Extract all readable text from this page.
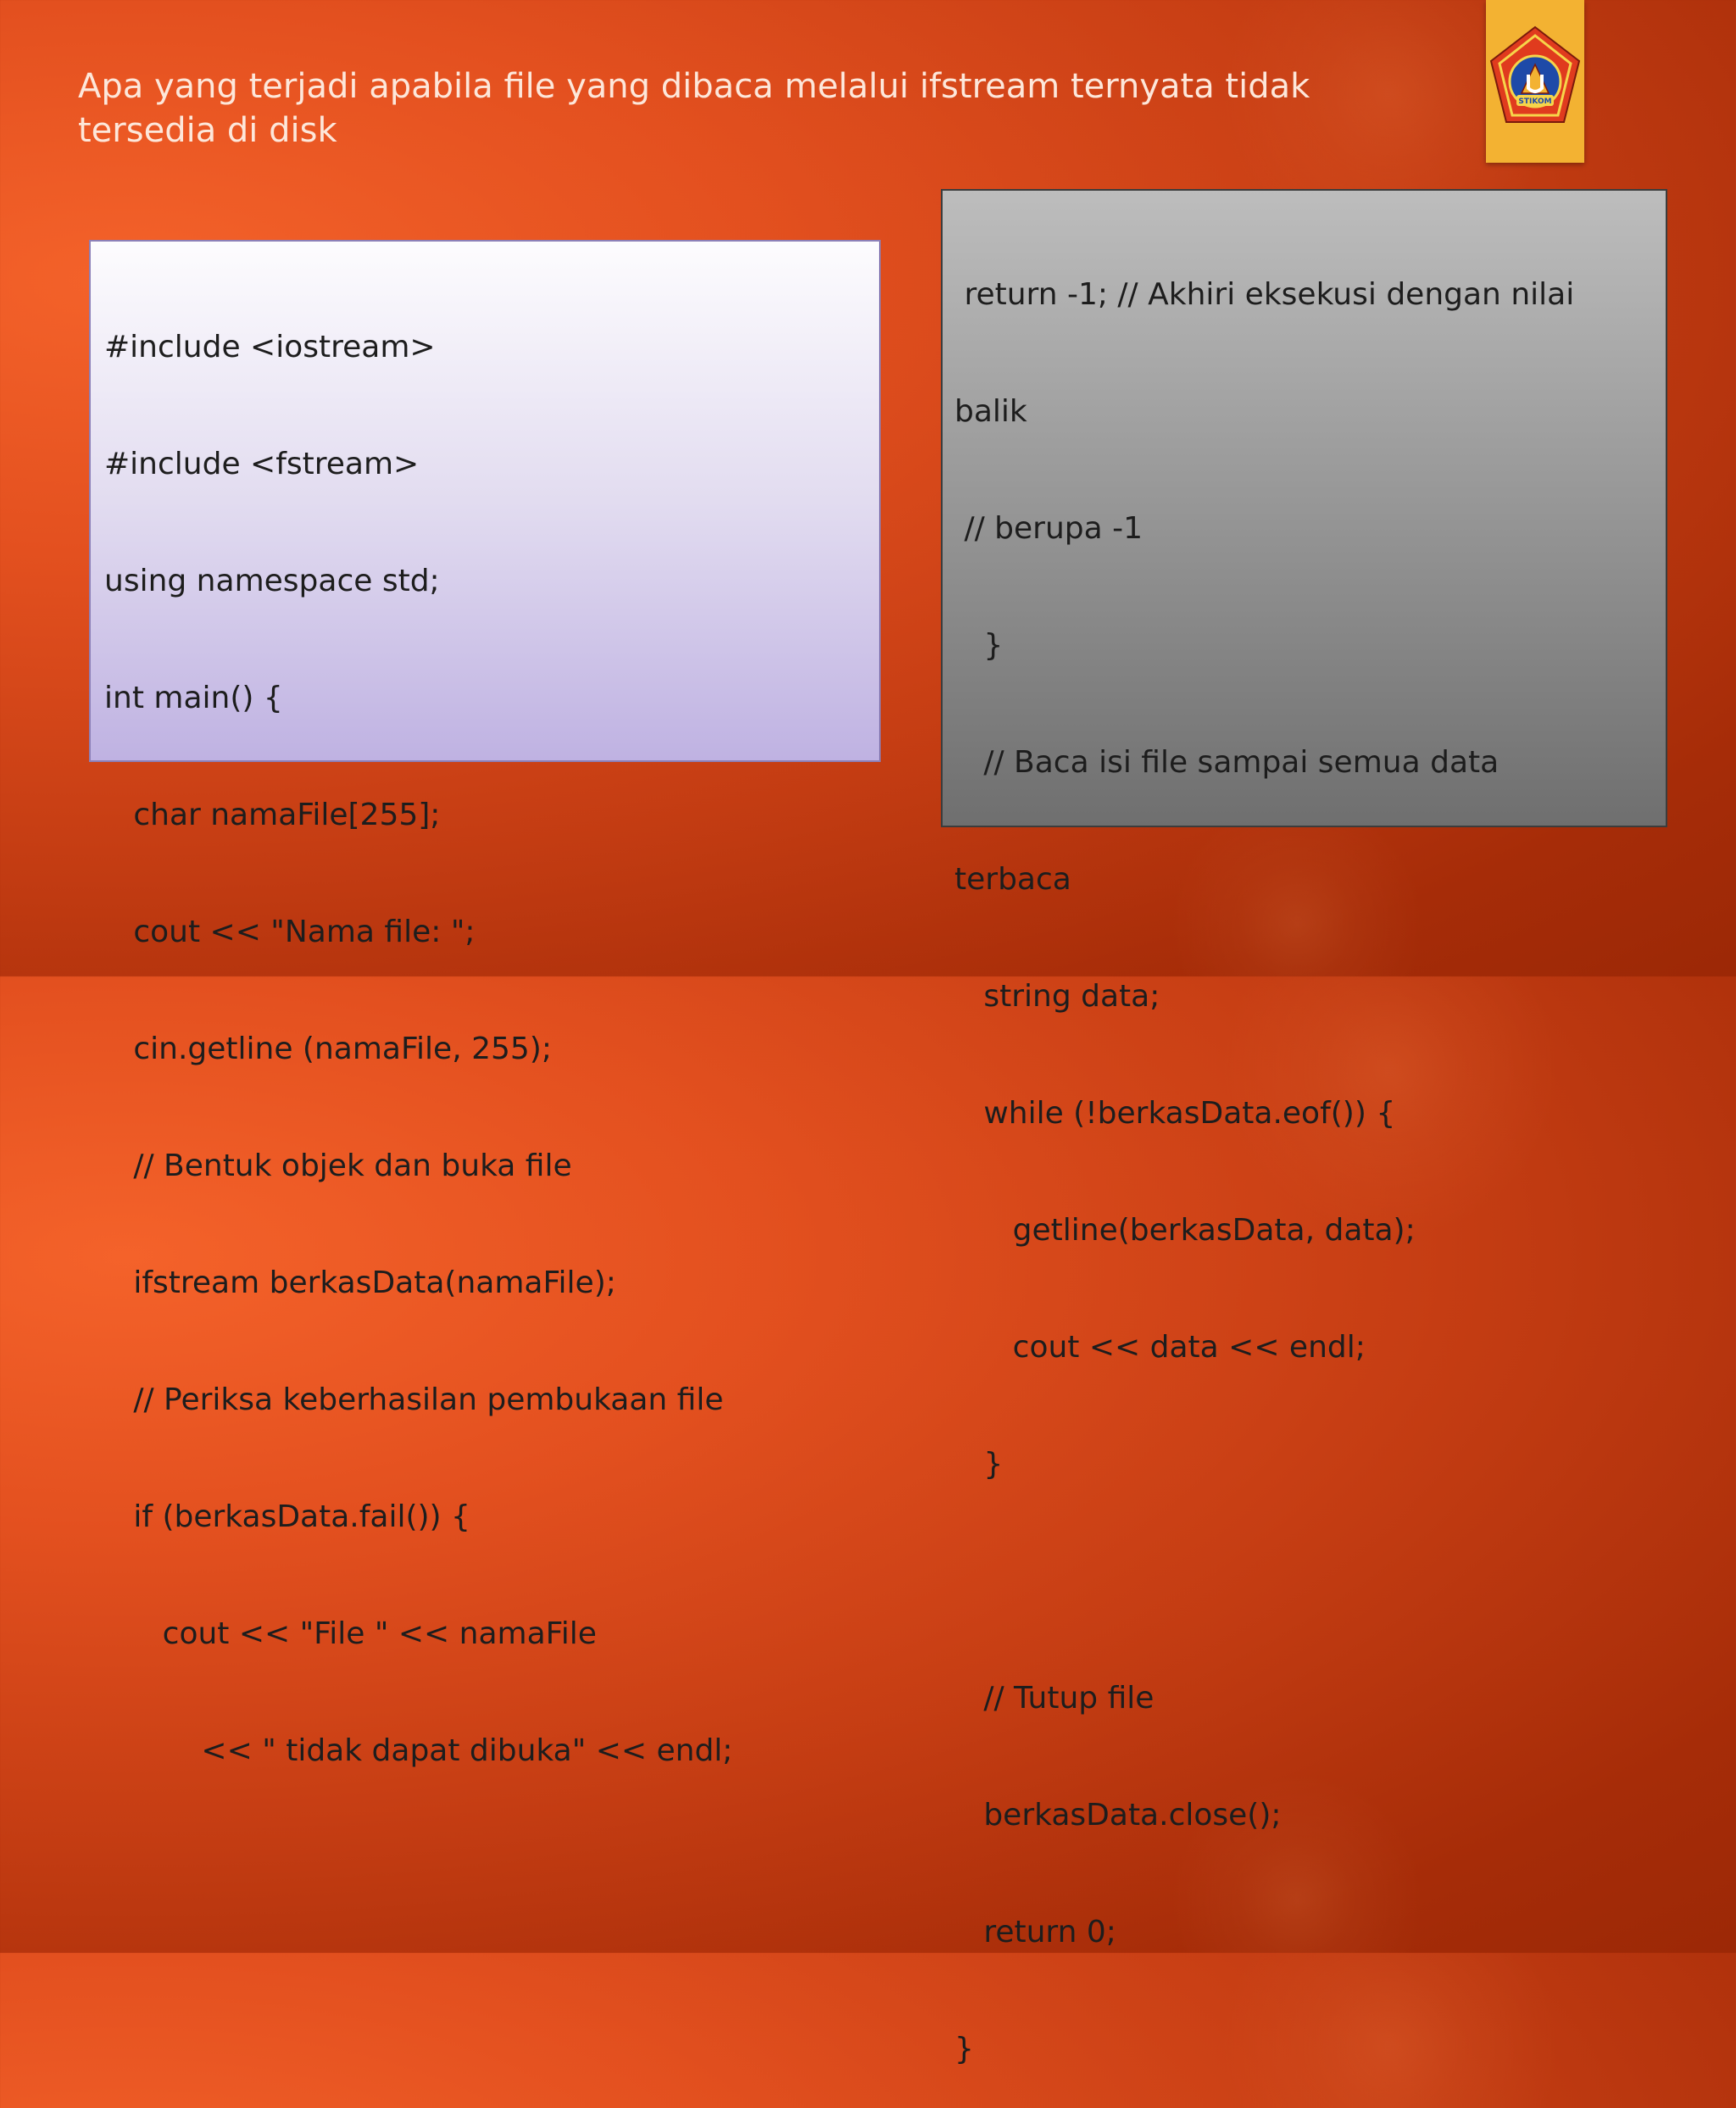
Apa yang terjadi apabila file yang dibaca melalui ifstream ternyata tidak
tersedia di disk
STIKOM

#include <iostream>

#include <fstream>

using namespace std;

int main() {

char namaFile[255];

cout << "Nama file: ";

cin.getline (namaFile, 255);

// Bentuk objek dan buka file

ifstream berkasData(namaFile);

// Periksa keberhasilan pembukaan file

if (berkasData.fail()) {

cout << "File " << namaFile

<< " tidak dapat dibuka" << endl;

return -1; // Akhiri eksekusi dengan nilai

balik

// berupa -1

}

// Baca isi file sampai semua data

terbaca

string data;

while (!berkasData.eof()) {

getline(berkasData, data);

cout << data << endl;

}

// Tutup file

berkasData.close();

return 0;

}
